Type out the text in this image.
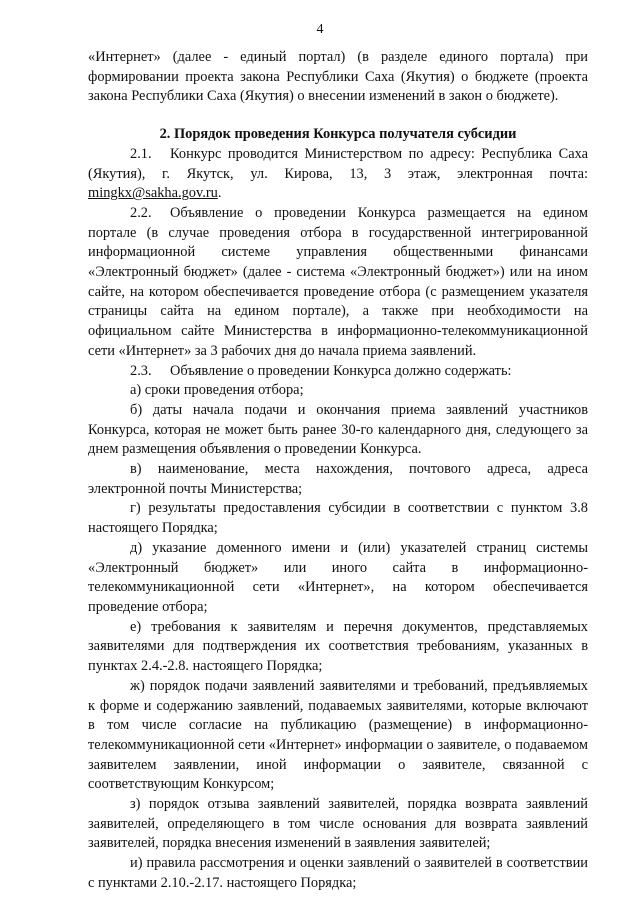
4

«Интернет» (далее - единый портал) (в разделе единого портала) при формировании проекта закона Республики Саха (Якутия) о бюджете (проекта закона Республики Саха (Якутия) о внесении изменений в закон о бюджете).

2. Порядок проведения Конкурса получателя субсидии

2.1. Конкурс проводится Министерством по адресу: Республика Саха (Якутия), г. Якутск, ул. Кирова, 13, 3 этаж, электронная почта: mingkx@sakha.gov.ru.

2.2. Объявление о проведении Конкурса размещается на едином портале (в случае проведения отбора в государственной интегрированной информационной системе управления общественными финансами «Электронный бюджет» (далее - система «Электронный бюджет») или на ином сайте, на котором обеспечивается проведение отбора (с размещением указателя страницы сайта на едином портале), а также при необходимости на официальном сайте Министерства в информационно-телекоммуникационной сети «Интернет» за 3 рабочих дня до начала приема заявлений.

2.3. Объявление о проведении Конкурса должно содержать:

а) сроки проведения отбора;

б) даты начала подачи и окончания приема заявлений участников Конкурса, которая не может быть ранее 30-го календарного дня, следующего за днем размещения объявления о проведении Конкурса.

в) наименование, места нахождения, почтового адреса, адреса электронной почты Министерства;

г) результаты предоставления субсидии в соответствии с пунктом 3.8 настоящего Порядка;

д) указание доменного имени и (или) указателей страниц системы «Электронный бюджет» или иного сайта в информационно-телекоммуникационной сети «Интернет», на котором обеспечивается проведение отбора;

е) требования к заявителям и перечня документов, представляемых заявителями для подтверждения их соответствия требованиям, указанных в пунктах 2.4.-2.8. настоящего Порядка;

ж) порядок подачи заявлений заявителями и требований, предъявляемых к форме и содержанию заявлений, подаваемых заявителями, которые включают в том числе согласие на публикацию (размещение) в информационно-телекоммуникационной сети «Интернет» информации о заявителе, о подаваемом заявителем заявлении, иной информации о заявителе, связанной с соответствующим Конкурсом;

з) порядок отзыва заявлений заявителей, порядка возврата заявлений заявителей, определяющего в том числе основания для возврата заявлений заявителей, порядка внесения изменений в заявления заявителей;

и) правила рассмотрения и оценки заявлений о заявителей в соответствии с пунктами 2.10.-2.17. настоящего Порядка;
